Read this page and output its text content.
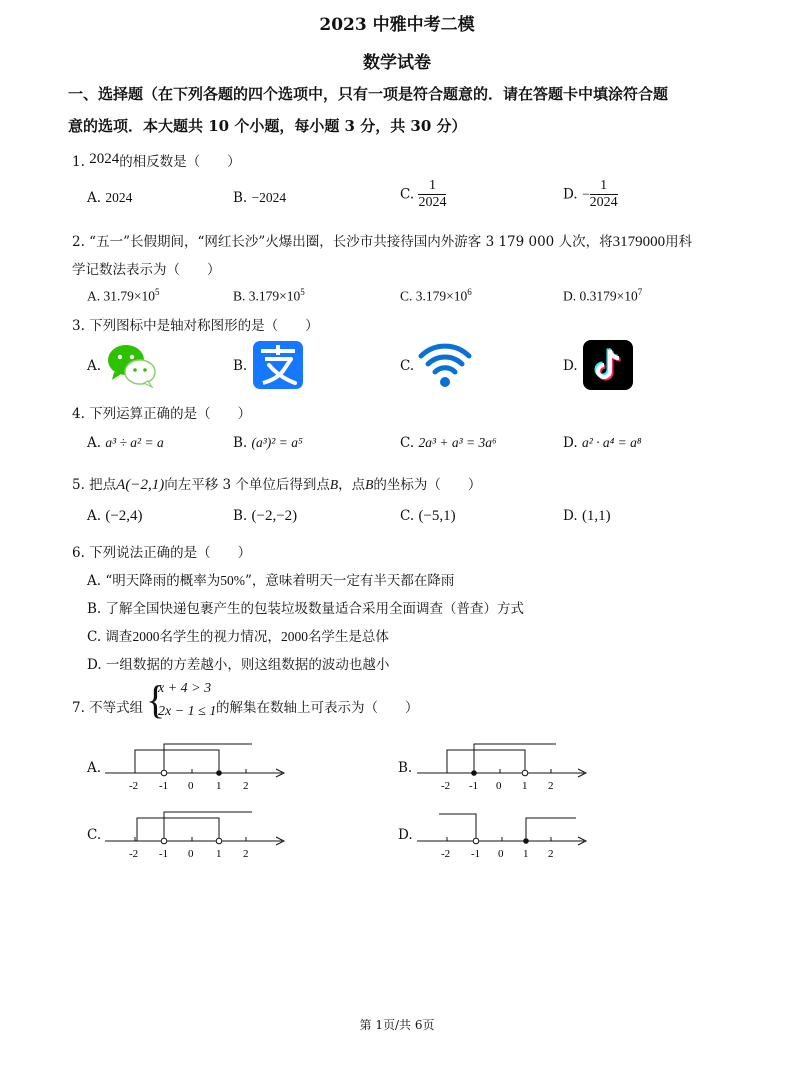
2023 中雅中考二模
数学试卷
一、选择题（在下列各题的四个选项中，只有一项是符合题意的．请在答题卡中填涂符合题
意的选项．本大题共 10 个小题，每小题 3 分，共 30 分）
1. 2024的相反数是（　　）
A. 2024	B. −2024	C. $\frac{1}{2024}$	D. − $\frac{1}{2024}$
2. “五一”长假期间，“网红长沙”火爆出圈，长沙市共接待国内外游客 3 179 000 人次，将3179000用科
学记数法表示为（　　）
A. $31.79\times 10^5$	B. $3.179\times 10^5$	C. $3.179\times 10^6$	D. $0.3179\times 10^7$
3. 下列图标中是轴对称图形的是（　　）
A.	B.	C.	D.
4. 下列运算正确的是（　　）
A. a³ ÷ a² = a	B. (a³)² = a⁵	C. 2a³ + a³ = 3a⁶	D. a² · a⁴ = a⁸
5. 把点A(−2,1)向左平移 3 个单位后得到点B，点B的坐标为（　　）
A. (−2,4)	B. (−2,−2)	C. (−5,1)	D. (1,1)
6. 下列说法正确的是（　　）
A. “明天降雨的概率为50%”，意味着明天一定有半天都在降雨
B. 了解全国快递包裹产生的包装垃圾数量适合采用全面调查（普查）方式
C. 调查2000名学生的视力情况，2000名学生是总体
D. 一组数据的方差越小，则这组数据的波动也越小
7. 不等式组 {
x + 4 > 3
2x − 1 ≤ 1 的解集在数轴上可表示为（　　）
A.
-2 -1 0 1 2
B.
-2 -1 0 1 2
C.
-2 -1 0 1 2
D.
-2 -1 0 1 2
第 1页/共 6页
